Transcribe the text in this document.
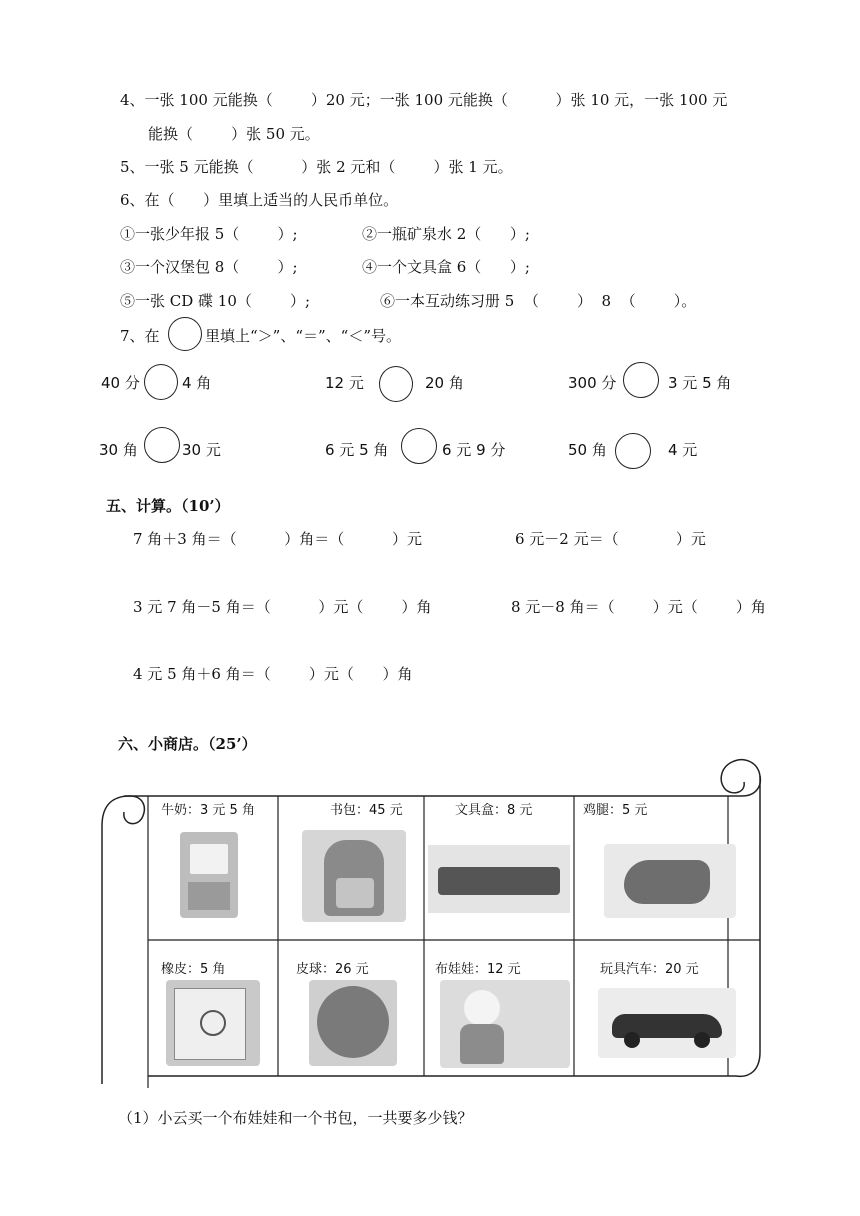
4、一张 100 元能换（        ）20 元；一张 100 元能换（          ）张 10 元，一张 100 元
能换（        ）张 50 元。
5、一张 5 元能换（          ）张 2 元和（        ）张 1 元。
6、在（      ）里填上适当的人民币单位。
①一张少年报 5（        ）;	②一瓶矿泉水 2（      ）;
③一个汉堡包 8（        ）;	④一个文具盒 6（      ）;
⑤一张 CD 碟 10（        ）;	⑥一本互动练习册 5  （        ）  8  （        ）。
7、在	里填上“＞”、“＝”、“＜”号。
40 分	4 角	12 元	20 角	300 分	3 元 5 角
30 角	30 元	6 元 5 角	6 元 9 分	50 角	4 元
五、计算。（10’）
7 角＋3 角＝（          ）角＝（          ）元	6 元－2 元＝（            ）元
3 元 7 角－5 角＝（          ）元（        ）角	8 元－8 角＝（        ）元（        ）角
4 元 5 角＋6 角＝（        ）元（      ）角
六、小商店。（25’）
牛奶：3 元 5 角	书包：45 元	文具盒：8 元	鸡腿：5 元
橡皮：5 角	皮球：26 元	布娃娃：12 元	玩具汽车：20 元
（1）小云买一个布娃娃和一个书包，一共要多少钱？
